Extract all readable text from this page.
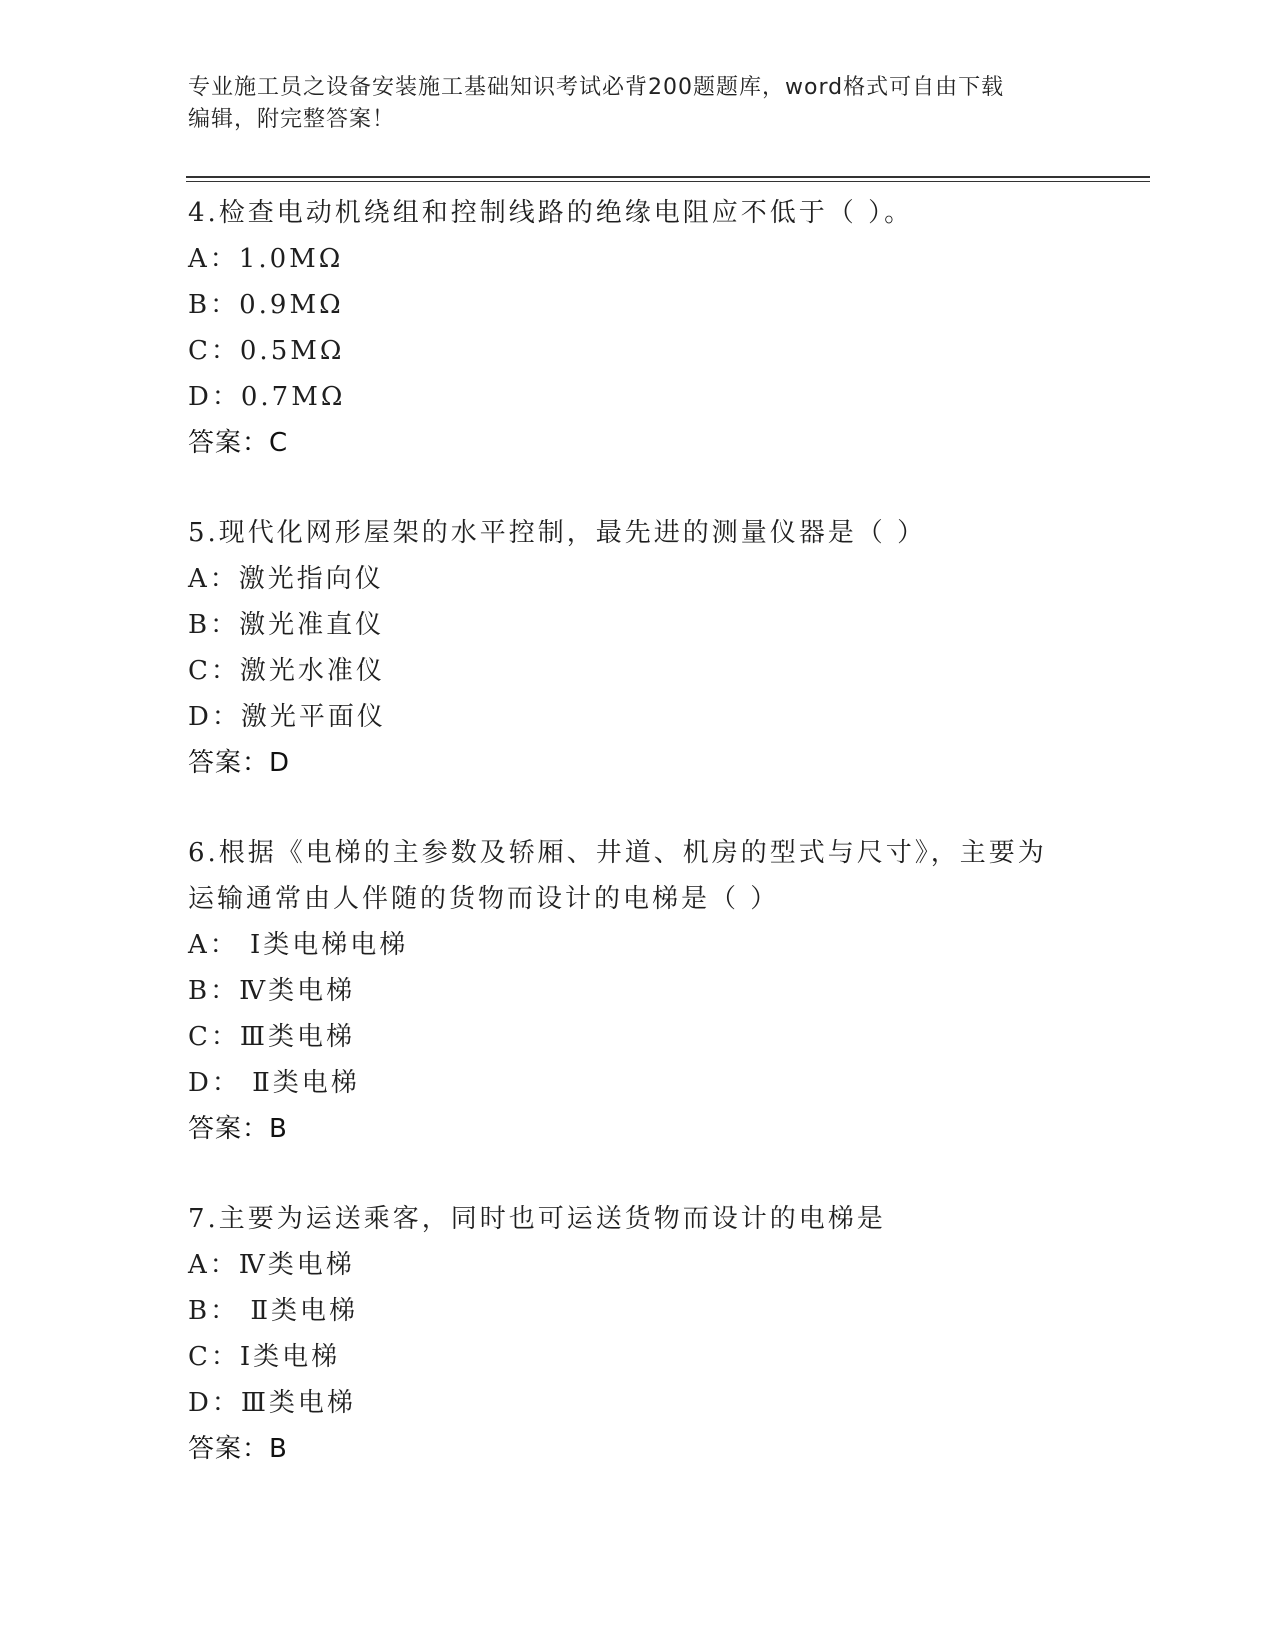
专业施工员之设备安装施工基础知识考试必背200题题库，word格式可自由下载
编辑，附完整答案！
4.检查电动机绕组和控制线路的绝缘电阻应不低于（ ）。
A：1.0MΩ
B：0.9MΩ
C：0.5MΩ
D：0.7MΩ
答案：C
5.现代化网形屋架的水平控制，最先进的测量仪器是（ ）
A：激光指向仪
B：激光准直仪
C：激光水准仪
D：激光平面仪
答案：D
6.根据《电梯的主参数及轿厢、井道、机房的型式与尺寸》，主要为
运输通常由人伴随的货物而设计的电梯是（ ）
A： Ⅰ类电梯电梯
B：Ⅳ类电梯
C：Ⅲ类电梯
D： Ⅱ类电梯
答案：B
7.主要为运送乘客，同时也可运送货物而设计的电梯是
A：Ⅳ类电梯
B： Ⅱ类电梯
C：Ⅰ类电梯
D：Ⅲ类电梯
答案：B
